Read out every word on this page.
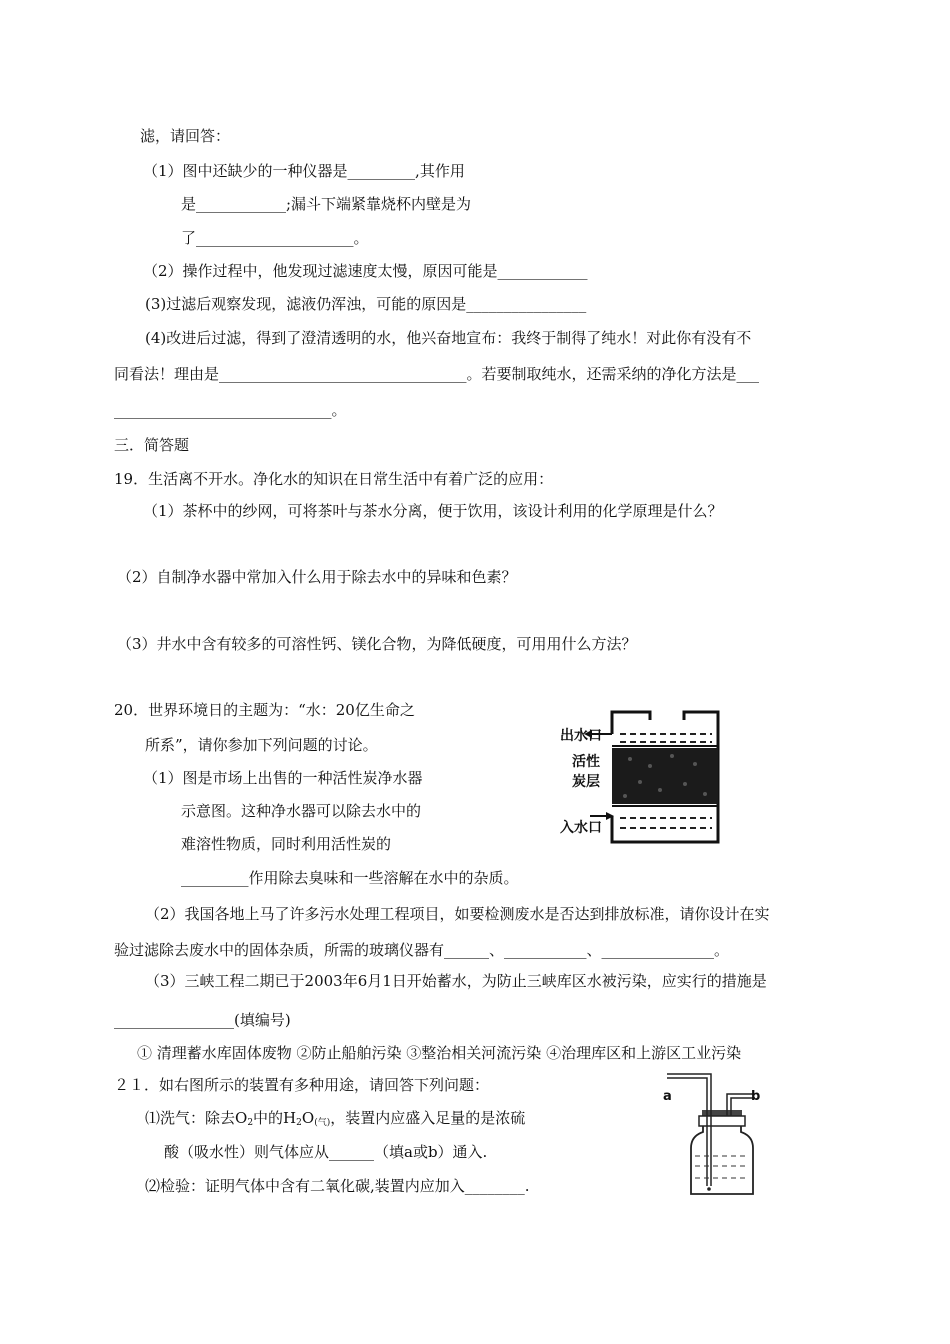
滤，请回答：
（1）图中还缺少的一种仪器是_________,其作用
是____________;漏斗下端紧靠烧杯内壁是为
了_____________________。
（2）操作过程中，他发现过滤速度太慢，原因可能是____________
(3)过滤后观察发现，滤液仍浑浊，可能的原因是________________
(4)改进后过滤，得到了澄清透明的水，他兴奋地宣布：我终于制得了纯水！对此你有没有不
同看法！理由是_________________________________。若要制取纯水，还需采纳的净化方法是___
_____________________________。
三．简答题
19．生活离不开水。净化水的知识在日常生活中有着广泛的应用：
（1）茶杯中的纱网，可将茶叶与茶水分离，便于饮用，该设计利用的化学原理是什么？
（2）自制净水器中常加入什么用于除去水中的异味和色素？
（3）井水中含有较多的可溶性钙、镁化合物，为降低硬度，可用用什么方法？
20．世界环境日的主题为：“水：20亿生命之
所系”，请你参加下列问题的讨论。
（1）图是市场上出售的一种活性炭净水器
示意图。这种净水器可以除去水中的
难溶性物质，同时利用活性炭的
_________作用除去臭味和一些溶解在水中的杂质。
（2）我国各地上马了许多污水处理工程项目，如要检测废水是否达到排放标准，请你设计在实
验过滤除去废水中的固体杂质，所需的玻璃仪器有______、___________、_______________。
（3）三峡工程二期已于2003年6月1日开始蓄水，为防止三峡库区水被污染，应实行的措施是
________________(填编号)
① 清理蓄水库固体废物 ②防止船舶污染 ③整治相关河流污染 ④治理库区和上游区工业污染
出水口
活性
炭层
入水口
２１．如右图所示的装置有多种用途，请回答下列问题：
⑴洗气：除去$O_2$中的$H_2O_{(气)}$，装置内应盛入足量的是浓硫
酸（吸水性）则气体应从______（填a或b）通入.
⑵检验：证明气体中含有二氧化碳,装置内应加入________.
a	b
